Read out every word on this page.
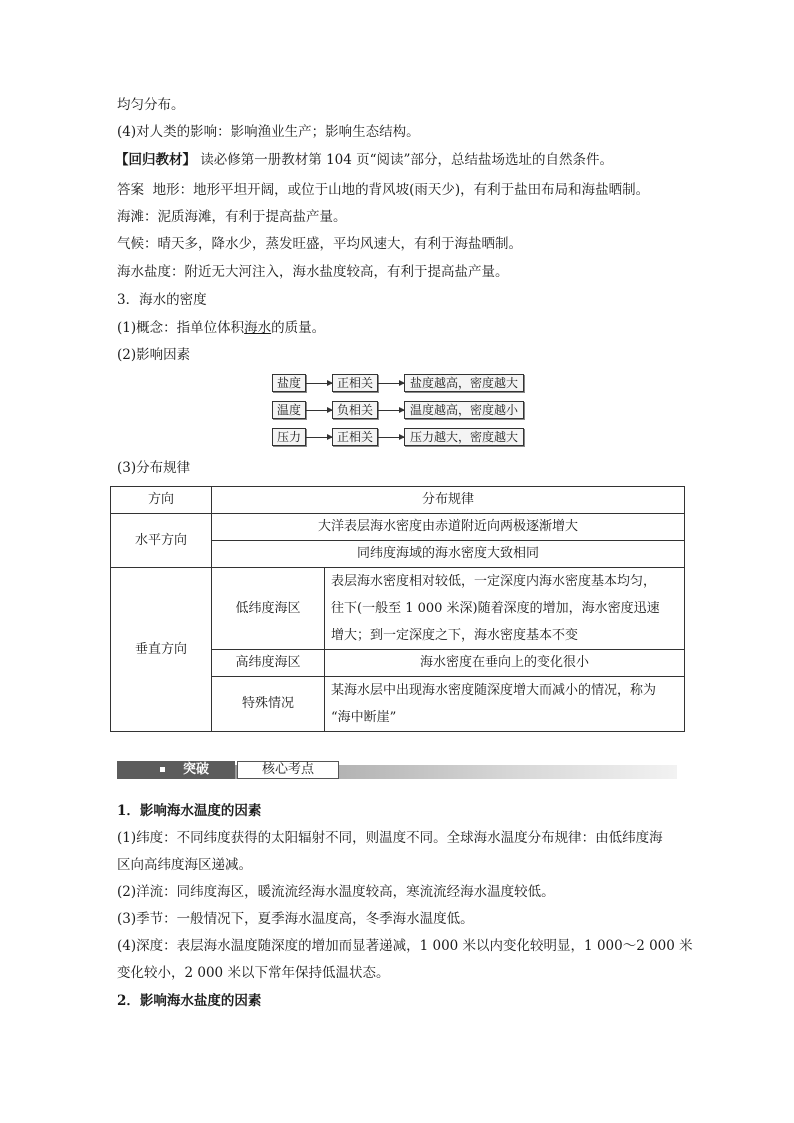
均匀分布。
(4)对人类的影响：影响渔业生产；影响生态结构。
【回归教材】 读必修第一册教材第 104 页“阅读”部分，总结盐场选址的自然条件。
答案 地形：地形平坦开阔，或位于山地的背风坡(雨天少)，有利于盐田布局和海盐晒制。
海滩：泥质海滩，有利于提高盐产量。
气候：晴天多，降水少，蒸发旺盛，平均风速大，有利于海盐晒制。
海水盐度：附近无大河注入，海水盐度较高，有利于提高盐产量。
3．海水的密度
(1)概念：指单位体积海水的质量。
(2)影响因素
盐度	正相关	盐度越高，密度越大
温度	负相关	温度越高，密度越小
压力	正相关	压力越大，密度越大
(3)分布规律
方向	分布规律	
水平方向	大洋表层海水密度由赤道附近向两极逐渐增大	
	同纬度海域的海水密度大致相同	
垂直方向	低纬度海区	表层海水密度相对较低，一定深度内海水密度基本均匀，
往下(一般至 1 000 米深)随着深度的增加，海水密度迅速
增大；到一定深度之下，海水密度基本不变

	高纬度海区	海水密度在垂向上的变化很小
	特殊情况	某海水层中出现海水密度随深度增大而减小的情况，称为
“海中断崖”
突破	核心考点
1．影响海水温度的因素
(1)纬度：不同纬度获得的太阳辐射不同，则温度不同。全球海水温度分布规律：由低纬度海
区向高纬度海区递减。
(2)洋流：同纬度海区，暖流流经海水温度较高，寒流流经海水温度较低。
(3)季节：一般情况下，夏季海水温度高，冬季海水温度低。
(4)深度：表层海水温度随深度的增加而显著递减，1 000 米以内变化较明显，1 000～2 000 米
变化较小，2 000 米以下常年保持低温状态。
2．影响海水盐度的因素
